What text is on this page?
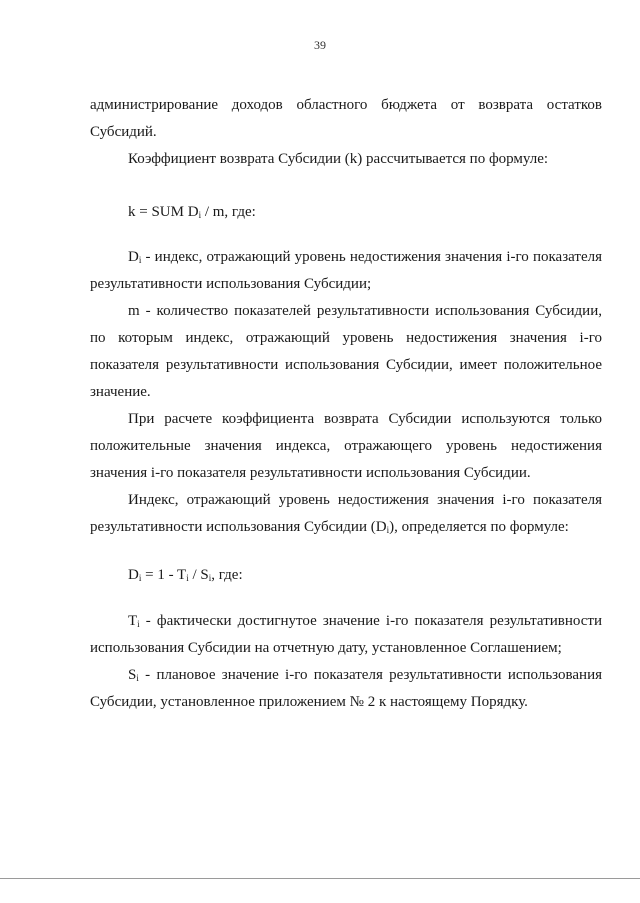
39

администрирование доходов областного бюджета от возврата остатков Субсидий.

Коэффициент возврата Субсидии (k) рассчитывается по формуле:

k = SUM $D_i$ / m, где:

$D_i$ - индекс, отражающий уровень недостижения значения i-го показателя результативности использования Субсидии;

m - количество показателей результативности использования Субсидии, по которым индекс, отражающий уровень недостижения значения i-го показателя результативности использования Субсидии, имеет положительное значение.

При расчете коэффициента возврата Субсидии используются только положительные значения индекса, отражающего уровень недостижения значения i-го показателя результативности использования Субсидии.

Индекс, отражающий уровень недостижения значения i-го показателя результативности использования Субсидии $(D_i)$, определяется по формуле:

$D_i = 1 - T_i / S_i$, где:

$T_i$ - фактически достигнутое значение i-го показателя результативности использования Субсидии на отчетную дату, установленное Соглашением;

$S_i$ - плановое значение i-го показателя результативности использования Субсидии, установленное приложением № 2 к настоящему Порядку.
